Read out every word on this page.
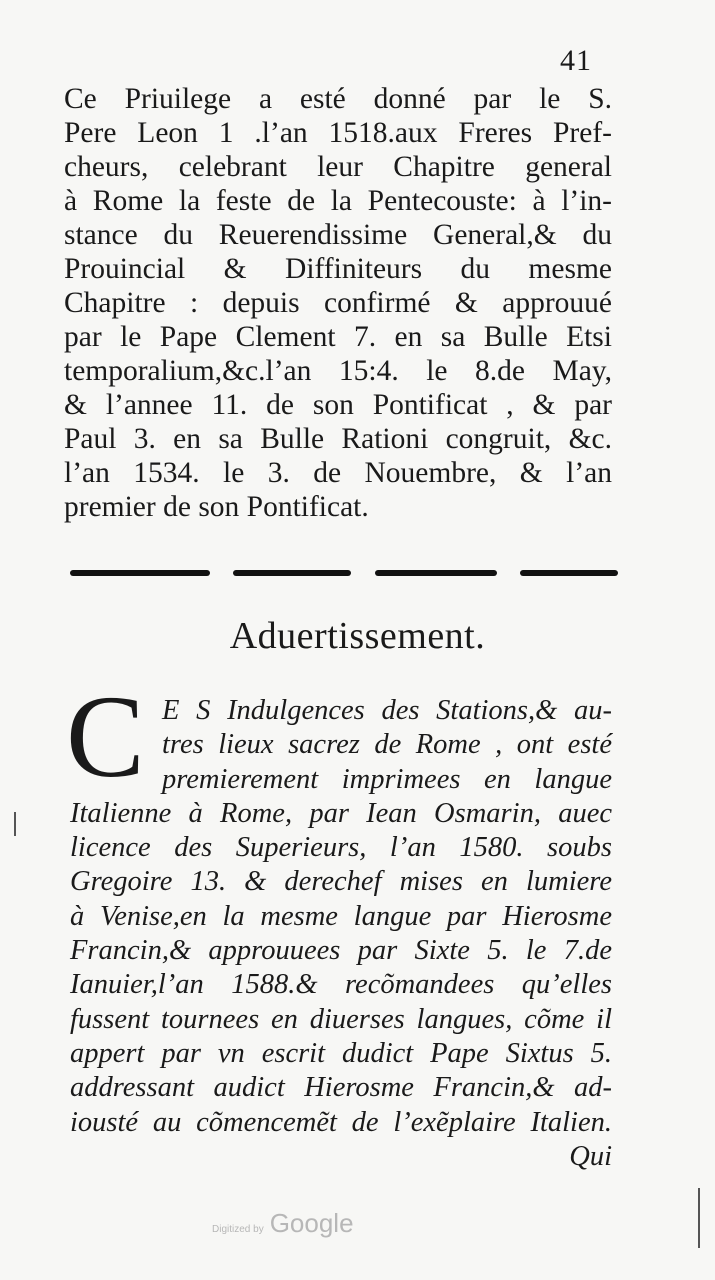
41
Ce Priuilege a esté donné par le S.
Pere Leon 1 .l’an 1518.aux Freres Pref-
cheurs, celebrant leur Chapitre general
à Rome la feste de la Pentecouste: à l’in-
stance du Reuerendissime General,& du
Prouincial & Diffiniteurs du mesme
Chapitre : depuis confirmé & approuué
par le Pape Clement 7. en sa Bulle Etsi
temporalium,&c.l’an 15:4. le 8.de May,
& l’annee 11. de son Pontificat , & par
Paul 3. en sa Bulle Rationi congruit, &c.
l’an 1534. le 3. de Nouembre, & l’an
premier de son Pontificat.
Aduertissement.
C E S Indulgences des Stations,& au-
tres lieux sacrez de Rome , ont esté
premierement imprimees en langue
Italienne à Rome, par Iean Osmarin, auec
licence des Superieurs, l’an 1580. soubs
Gregoire 13. & derechef mises en lumiere
à Venise,en la mesme langue par Hierosme
Francin,& approuuees par Sixte 5. le 7.de
Ianuier,l’an 1588.& recõmandees qu’elles
fussent tournees en diuerses langues, cõme il
appert par vn escrit dudict Pape Sixtus 5.
addressant audict Hierosme Francin,& ad-
iousté au cõmencemẽt de l’exẽplaire Italien.
Qui
Digitized by Google
